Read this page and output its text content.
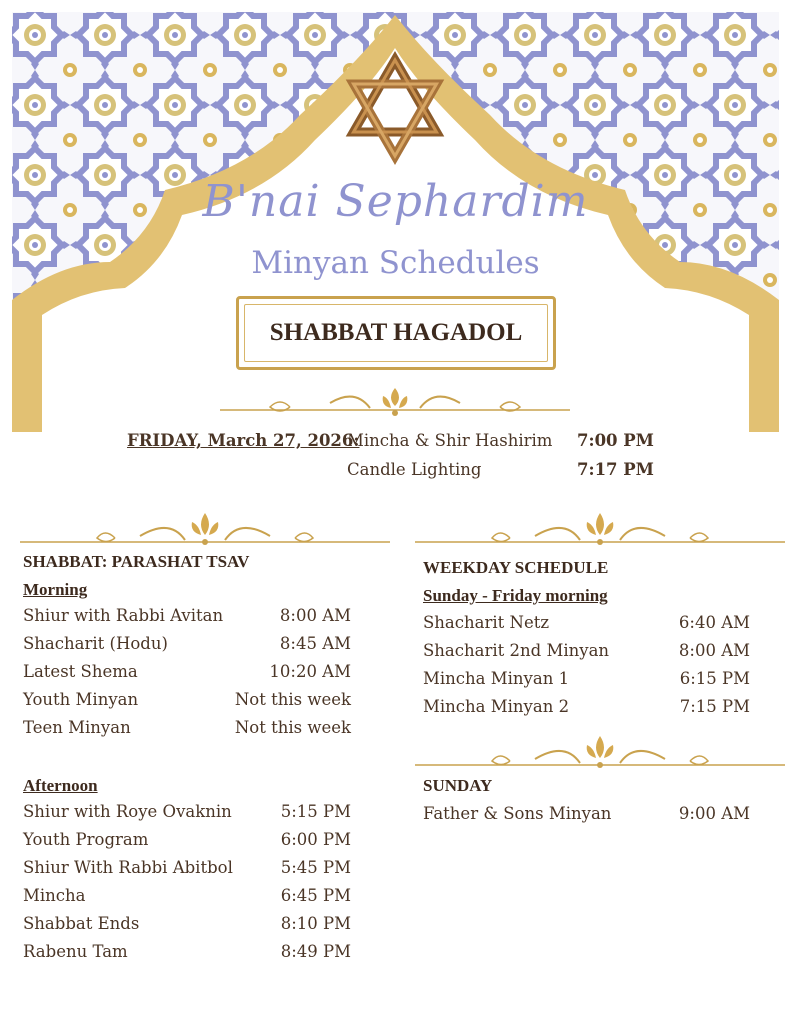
B'nai Sephardim
Minyan Schedules
SHABBAT HAGADOL
FRIDAY, March 27, 2026:
Mincha & Shir Hashirim 7:00 PM
Candle Lighting	7:17 PM
SHABBAT: PARASHAT TSAV
Morning
Shiur with Rabbi Avitan	8:00 AM
Shacharit (Hodu)	8:45 AM
Latest Shema	10:20 AM
Youth Minyan	Not this week
Teen Minyan	Not this week
Afternoon
Shiur with Roye Ovaknin	5:15 PM
Youth Program	6:00 PM
Shiur With Rabbi Abitbol	5:45 PM
Mincha	6:45 PM
Shabbat Ends	8:10 PM
Rabenu Tam	8:49 PM
WEEKDAY SCHEDULE
Sunday - Friday morning
Shacharit Netz	6:40 AM
Shacharit 2nd Minyan	8:00 AM
Mincha Minyan 1	6:15 PM
Mincha Minyan 2	7:15 PM
SUNDAY
Father & Sons Minyan	9:00 AM
